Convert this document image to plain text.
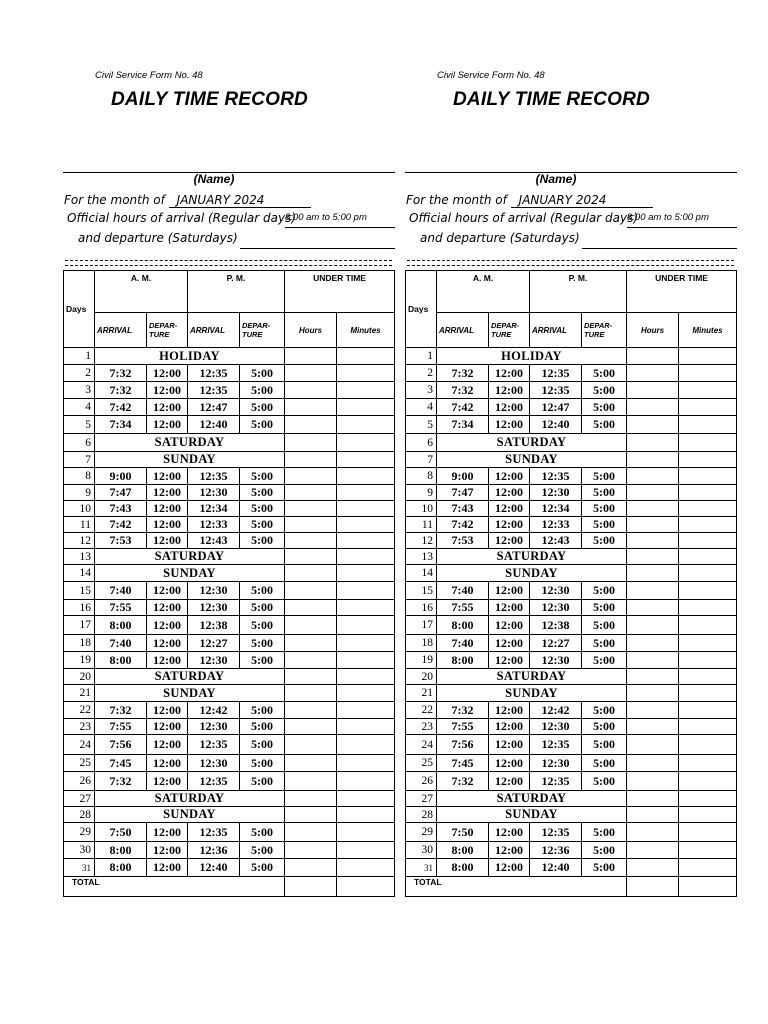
Civil Service Form No. 48
DAILY TIME RECORD
(Name)
For the month of JANUARY 2024
Official hours of arrival (Regular days)
8:00 am to 5:00 pm
and departure (Saturdays)
Days	A. M.		P. M.		UNDER TIME	
	ARRIVAL	DEPAR- TURE	ARRIVAL	DEPAR- TURE	Hours	Minutes
1	HOLIDAY					
2	7:32	12:00	12:35	5:00		
3	7:32	12:00	12:35	5:00		
4	7:42	12:00	12:47	5:00		
5	7:34	12:00	12:40	5:00		
6	SATURDAY					
7	SUNDAY					
8	9:00	12:00	12:35	5:00		
9	7:47	12:00	12:30	5:00		
10	7:43	12:00	12:34	5:00		
11	7:42	12:00	12:33	5:00		
12	7:53	12:00	12:43	5:00		
13	SATURDAY					
14	SUNDAY					
15	7:40	12:00	12:30	5:00		
16	7:55	12:00	12:30	5:00		
17	8:00	12:00	12:38	5:00		
18	7:40	12:00	12:27	5:00		
19	8:00	12:00	12:30	5:00		
20	SATURDAY					
21	SUNDAY					
22	7:32	12:00	12:42	5:00		
23	7:55	12:00	12:30	5:00		
24	7:56	12:00	12:35	5:00		
25	7:45	12:00	12:30	5:00		
26	7:32	12:00	12:35	5:00		
27	SATURDAY					
28	SUNDAY					
29	7:50	12:00	12:35	5:00		
30	8:00	12:00	12:36	5:00		
31	8:00	12:00	12:40	5:00		
TOTAL						
Civil Service Form No. 48
DAILY TIME RECORD
(Name)
For the month of JANUARY 2024
Official hours of arrival (Regular days)
8:00 am to 5:00 pm
and departure (Saturdays)
Days	A. M.		P. M.		UNDER TIME	
	ARRIVAL	DEPAR- TURE	ARRIVAL	DEPAR- TURE	Hours	Minutes
1	HOLIDAY					
2	7:32	12:00	12:35	5:00		
3	7:32	12:00	12:35	5:00		
4	7:42	12:00	12:47	5:00		
5	7:34	12:00	12:40	5:00		
6	SATURDAY					
7	SUNDAY					
8	9:00	12:00	12:35	5:00		
9	7:47	12:00	12:30	5:00		
10	7:43	12:00	12:34	5:00		
11	7:42	12:00	12:33	5:00		
12	7:53	12:00	12:43	5:00		
13	SATURDAY					
14	SUNDAY					
15	7:40	12:00	12:30	5:00		
16	7:55	12:00	12:30	5:00		
17	8:00	12:00	12:38	5:00		
18	7:40	12:00	12:27	5:00		
19	8:00	12:00	12:30	5:00		
20	SATURDAY					
21	SUNDAY					
22	7:32	12:00	12:42	5:00		
23	7:55	12:00	12:30	5:00		
24	7:56	12:00	12:35	5:00		
25	7:45	12:00	12:30	5:00		
26	7:32	12:00	12:35	5:00		
27	SATURDAY					
28	SUNDAY					
29	7:50	12:00	12:35	5:00		
30	8:00	12:00	12:36	5:00		
31	8:00	12:00	12:40	5:00		
TOTAL						
